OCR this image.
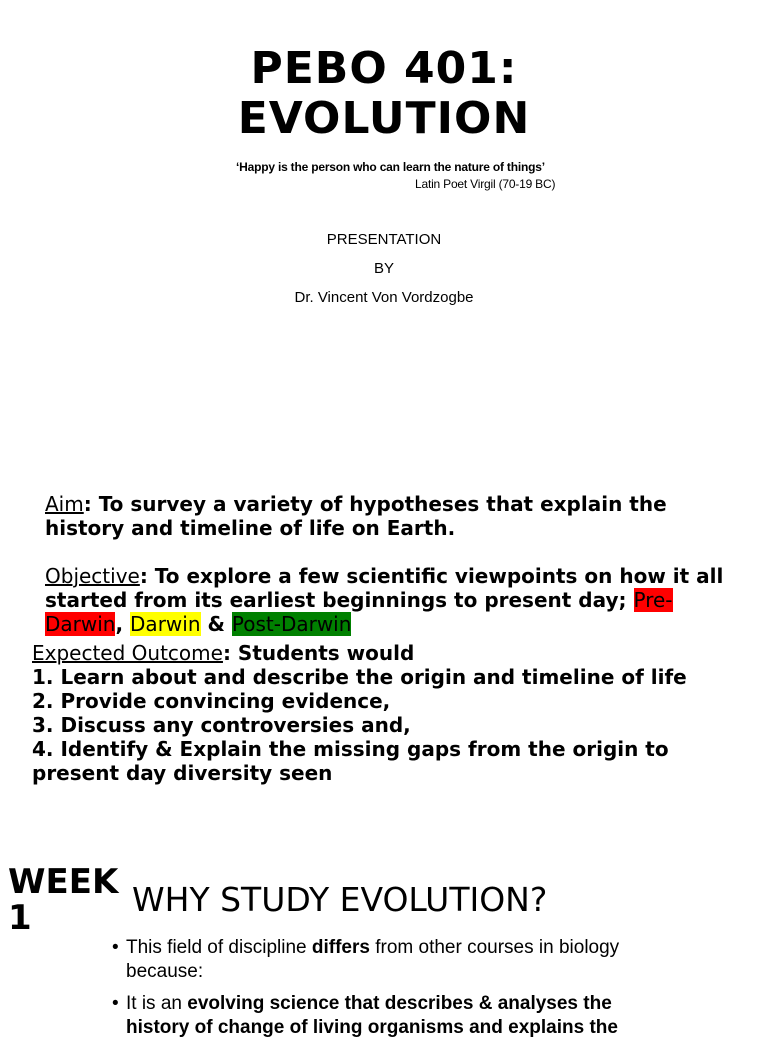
PEBO 401:
EVOLUTION
‘Happy is the person who can learn the nature of things’
Latin Poet Virgil (70-19 BC)
PRESENTATION
BY
Dr. Vincent Von Vordzogbe
Aim: To survey a variety of hypotheses that explain the history and timeline of life on Earth.
Objective: To explore a few scientific viewpoints on how it all started from its earliest beginnings to present day; Pre-Darwin, Darwin & Post-Darwin
Expected Outcome: Students would
1. Learn about and describe the origin and timeline of life
2. Provide convincing evidence,
3. Discuss any controversies and,
4. Identify & Explain the missing gaps from the origin to present day diversity seen
WEEK 1	WHY STUDY EVOLUTION?
• This field of discipline differs from other courses in biology because:
• It is an evolving science that describes & analyses the history of change of living organisms and explains the
